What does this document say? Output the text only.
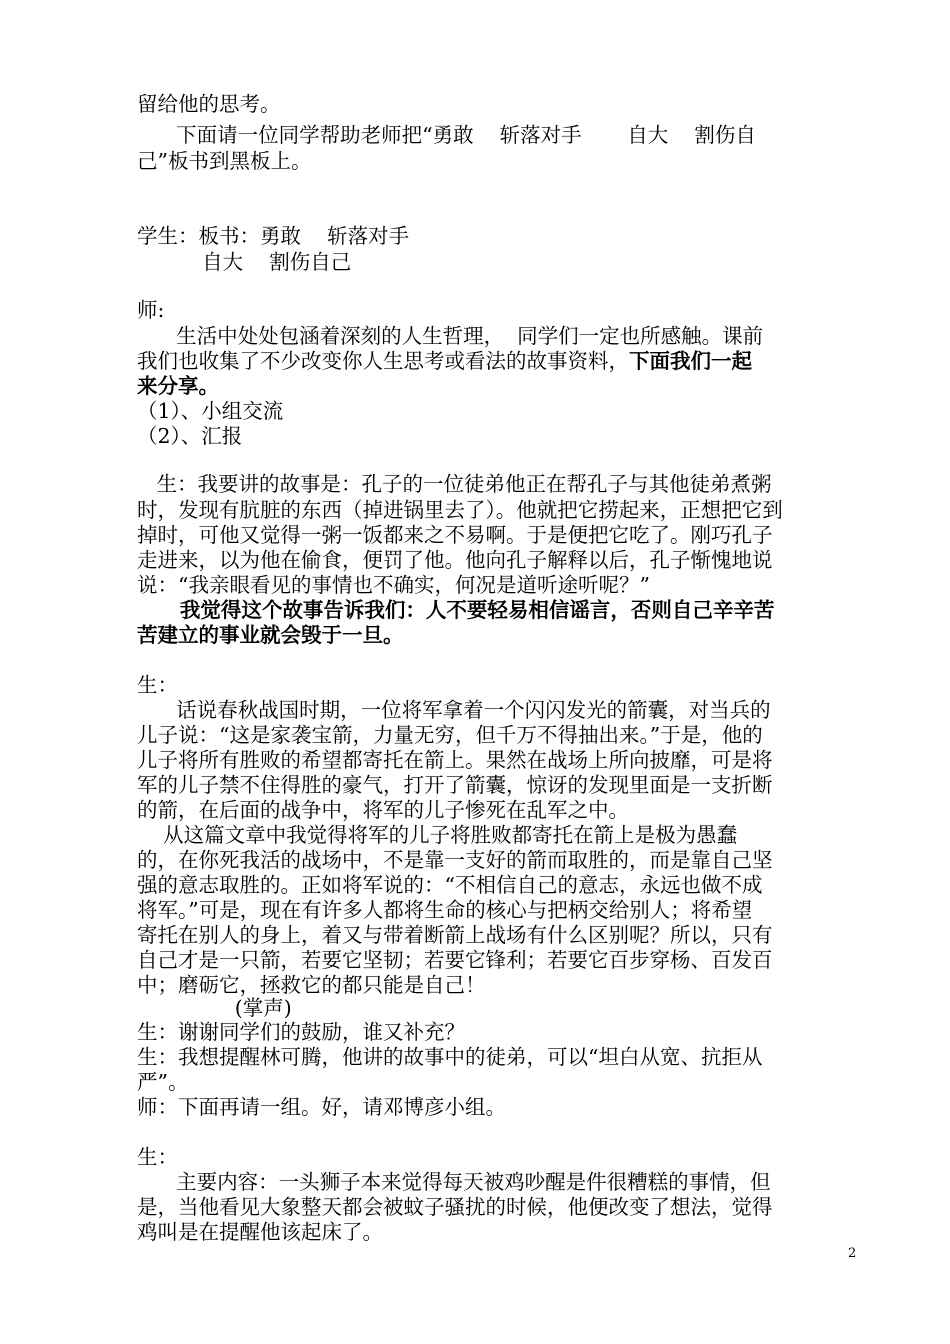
留给他的思考。
下面请一位同学帮助老师把“勇敢    斩落对手       自大    割伤自
己”板书到黑板上。
学生：板书：勇敢    斩落对手
自大    割伤自己
师:
生活中处处包涵着深刻的人生哲理，  同学们一定也所感触。课前
我们也收集了不少改变你人生思考或看法的故事资料，下面我们一起
来分享。
（1）、小组交流
（2）、汇报
生：我要讲的故事是：孔子的一位徒弟他正在帮孔子与其他徒弟煮粥
时，发现有肮脏的东西（掉进锅里去了）。他就把它捞起来，正想把它到
掉时，可他又觉得一粥一饭都来之不易啊。于是便把它吃了。刚巧孔子
走进来，以为他在偷食，便罚了他。他向孔子解释以后，孔子惭愧地说
说：“我亲眼看见的事情也不确实，何况是道听途听呢？”
我觉得这个故事告诉我们：人不要轻易相信谣言，否则自己辛辛苦
苦建立的事业就会毁于一旦。
生：
话说春秋战国时期，一位将军拿着一个闪闪发光的箭囊，对当兵的
儿子说：“这是家袭宝箭，力量无穷，但千万不得抽出来。”于是，他的
儿子将所有胜败的希望都寄托在箭上。果然在战场上所向披靡，可是将
军的儿子禁不住得胜的豪气，打开了箭囊，惊讶的发现里面是一支折断
的箭，在后面的战争中，将军的儿子惨死在乱军之中。
从这篇文章中我觉得将军的儿子将胜败都寄托在箭上是极为愚蠢
的，在你死我活的战场中，不是靠一支好的箭而取胜的，而是靠自己坚
强的意志取胜的。正如将军说的：“不相信自己的意志，永远也做不成
将军。”可是，现在有许多人都将生命的核心与把柄交给别人；将希望
寄托在别人的身上，着又与带着断箭上战场有什么区别呢？所以，只有
自己才是一只箭，若要它坚韧；若要它锋利；若要它百步穿杨、百发百
中；磨砺它，拯救它的都只能是自己！
(掌声)
生：谢谢同学们的鼓励，谁又补充？
生：我想提醒林可腾，他讲的故事中的徒弟，可以“坦白从宽、抗拒从
严”。
师：下面再请一组。好，请邓博彦小组。
生：
主要内容：一头狮子本来觉得每天被鸡吵醒是件很糟糕的事情，但
是，当他看见大象整天都会被蚊子骚扰的时候，他便改变了想法，觉得
鸡叫是在提醒他该起床了。
2
